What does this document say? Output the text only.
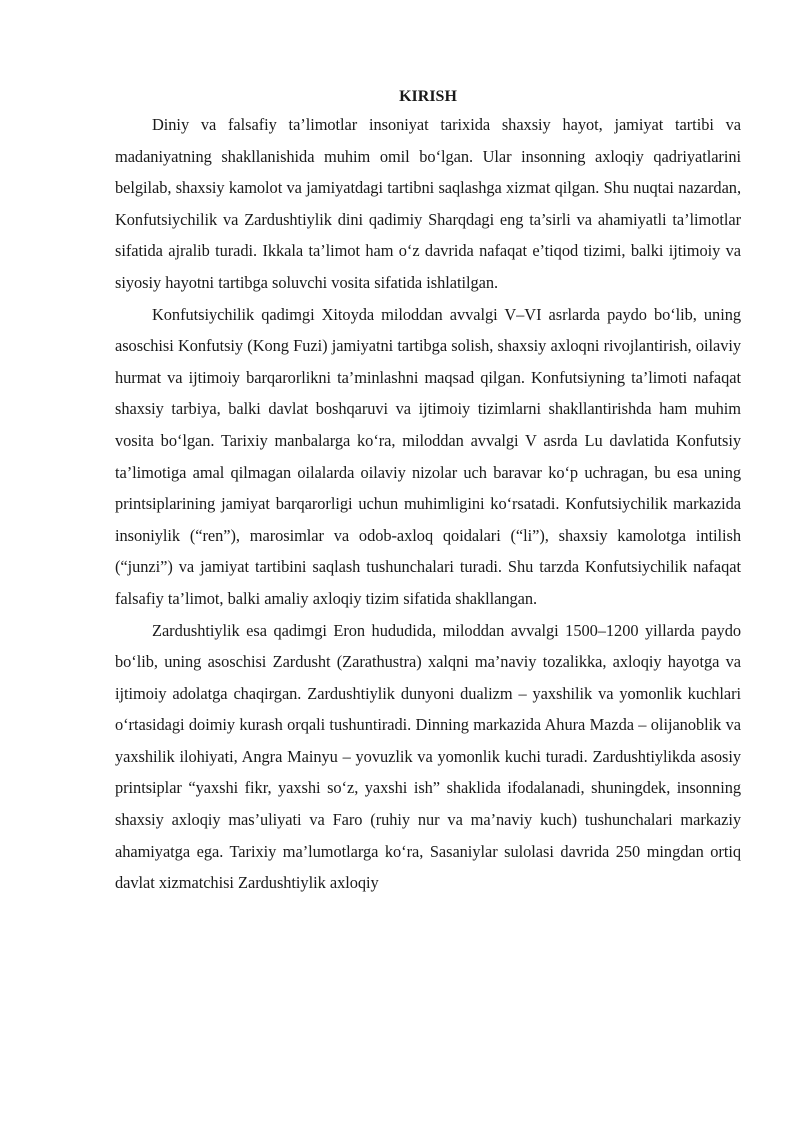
KIRISH

Diniy va falsafiy ta’limotlar insoniyat tarixida shaxsiy hayot, jamiyat tartibi va madaniyatning shakllanishida muhim omil bo‘lgan. Ular insonning axloqiy qadriyatlarini belgilab, shaxsiy kamolot va jamiyatdagi tartibni saqlashga xizmat qilgan. Shu nuqtai nazardan, Konfutsiychilik va Zardushtiylik dini qadimiy Sharqdagi eng ta’sirli va ahamiyatli ta’limotlar sifatida ajralib turadi. Ikkala ta’limot ham o‘z davrida nafaqat e’tiqod tizimi, balki ijtimoiy va siyosiy hayotni tartibga soluvchi vosita sifatida ishlatilgan.

Konfutsiychilik qadimgi Xitoyda miloddan avvalgi V–VI asrlarda paydo bo‘lib, uning asoschisi Konfutsiy (Kong Fuzi) jamiyatni tartibga solish, shaxsiy axloqni rivojlantirish, oilaviy hurmat va ijtimoiy barqarorlikni ta’minlashni maqsad qilgan. Konfutsiyning ta’limoti nafaqat shaxsiy tarbiya, balki davlat boshqaruvi va ijtimoiy tizimlarni shakllantirishda ham muhim vosita bo‘lgan. Tarixiy manbalarga ko‘ra, miloddan avvalgi V asrda Lu davlatida Konfutsiy ta’limotiga amal qilmagan oilalarda oilaviy nizolar uch baravar ko‘p uchragan, bu esa uning printsiplarining jamiyat barqarorligi uchun muhimligini ko‘rsatadi. Konfutsiychilik markazida insoniylik (“ren”), marosimlar va odob-axloq qoidalari (“li”), shaxsiy kamolotga intilish (“junzi”) va jamiyat tartibini saqlash tushunchalari turadi. Shu tarzda Konfutsiychilik nafaqat falsafiy ta’limot, balki amaliy axloqiy tizim sifatida shakllangan.

Zardushtiylik esa qadimgi Eron hududida, miloddan avvalgi 1500–1200 yillarda paydo bo‘lib, uning asoschisi Zardusht (Zarathustra) xalqni ma’naviy tozalikka, axloqiy hayotga va ijtimoiy adolatga chaqirgan. Zardushtiylik dunyoni dualizm – yaxshilik va yomonlik kuchlari o‘rtasidagi doimiy kurash orqali tushuntiradi. Dinning markazida Ahura Mazda – olijanoblik va yaxshilik ilohiyati, Angra Mainyu – yovuzlik va yomonlik kuchi turadi. Zardushtiylikda asosiy printsiplar “yaxshi fikr, yaxshi so‘z, yaxshi ish” shaklida ifodalanadi, shuningdek, insonning shaxsiy axloqiy mas’uliyati va Faro (ruhiy nur va ma’naviy kuch) tushunchalari markaziy ahamiyatga ega. Tarixiy ma’lumotlarga ko‘ra, Sasaniylar sulolasi davrida 250 mingdan ortiq davlat xizmatchisi Zardushtiylik axloqiy
